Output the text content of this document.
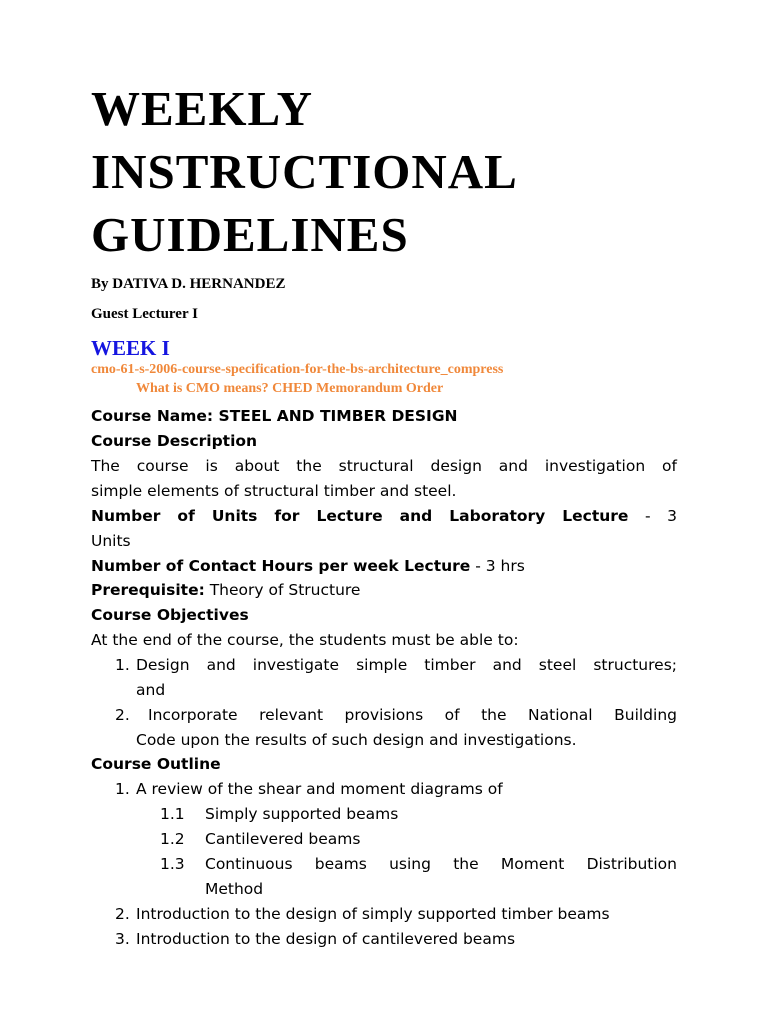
WEEKLY
INSTRUCTIONAL
GUIDELINES
By DATIVA D. HERNANDEZ
Guest Lecturer I
WEEK I
cmo-61-s-2006-course-specification-for-the-bs-architecture_compress
What is CMO means? CHED Memorandum Order
Course Name: STEEL AND TIMBER DESIGN
Course Description
The course is about the structural design and investigation of
simple elements of structural timber and steel.
Number of Units for Lecture and Laboratory Lecture - 3
Units
Number of Contact Hours per week Lecture - 3 hrs
Prerequisite: Theory of Structure
Course Objectives
At the end of the course, the students must be able to:
1. Design and investigate simple timber and steel structures;
and
2. Incorporate relevant provisions of the National Building
Code upon the results of such design and investigations.
Course Outline
1. A review of the shear and moment diagrams of
1.1 Simply supported beams
1.2 Cantilevered beams
1.3 Continuous beams using the Moment Distribution
Method
2. Introduction to the design of simply supported timber beams
3. Introduction to the design of cantilevered beams
